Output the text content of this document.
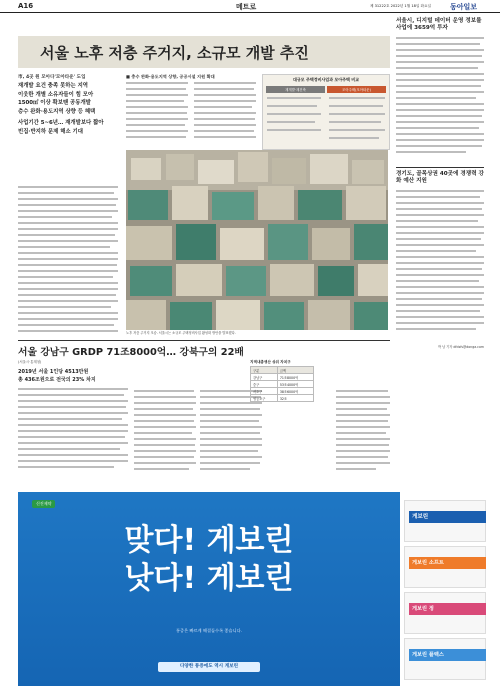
A16	메트로	제 31222호 2022년 1월 18일 화요일	동아일보
서울 노후 저층 주거지, 소규모 개발 추진
市, 4곳 원 모아다'모아타운' 도입
재개발 요건 충족 못하는 지역
이웃한 개별 소유자들이 힘 모아
1500㎡ 이상 확보땐 공동개발
층수 완화·용도지역 상향 등 혜택
사업기간 5~6년… 재개발보다 짧아
빈집·반지하 문제 해소 기대
■ 충수 완화·용도지역 상향, 공공시설 지원 확대
대규모 주택정비사업과 모아주택 비교
재개발·재건축	모아주택(모아타운)
노후 저층 주거지 모습. 서울시는 소규모 주택정비사업 활성화 방안을 발표했다.
서울시, 디지털 데이터 운영 정보를 사업에 3659억 투자
경기도, 골목상권 40곳에 경쟁력 강화 예산 지원
박 남 기자 dfdsfs@donga.com
서울 강남구 GRDP 71조8000억… 강북구의 22배
(서울시·통계청)
2019년 서울 1인당 4513만원
총 436조원으로 전국의 23% 차지
지역내총생산 상위 자치구
구분	금액
강남구	71조8000억
중구	53조4000억
서초구	38조6000억
영등포구	32조
신진제약
맞다! 게보린
낫다! 게보린
통증은 빠르게 해결돌수록 좋습니다.
다양한 통증에도 역시 게보린
게보린
게보린 소프트
게보린 정
게보린 플렉스
